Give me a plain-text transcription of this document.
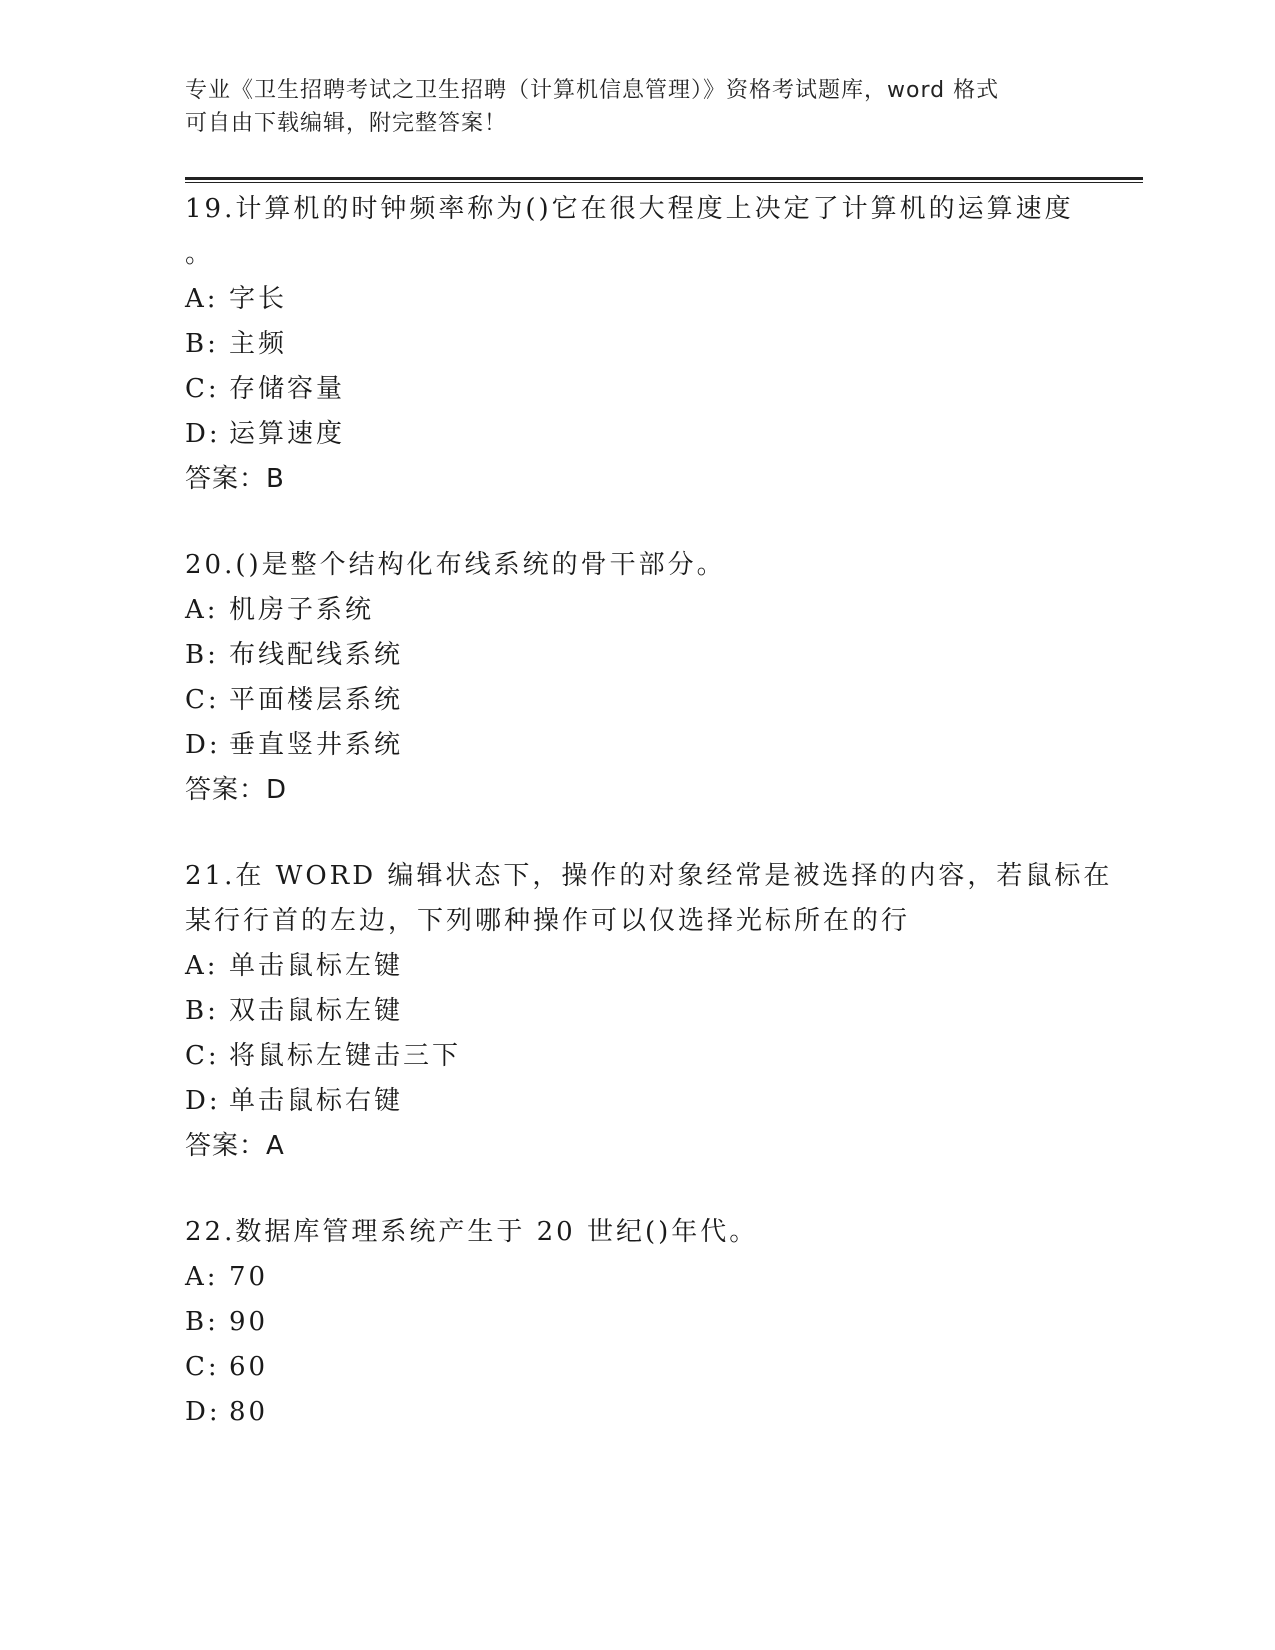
专业《卫生招聘考试之卫生招聘（计算机信息管理）》资格考试题库，word 格式
可自由下载编辑，附完整答案！
19.计算机的时钟频率称为()它在很大程度上决定了计算机的运算速度
。
A: 字长
B: 主频
C: 存储容量
D: 运算速度
答案：B
20.()是整个结构化布线系统的骨干部分。
A: 机房子系统
B: 布线配线系统
C: 平面楼层系统
D: 垂直竖井系统
答案：D
21.在 WORD 编辑状态下，操作的对象经常是被选择的内容，若鼠标在
某行行首的左边，下列哪种操作可以仅选择光标所在的行
A: 单击鼠标左键
B: 双击鼠标左键
C: 将鼠标左键击三下
D: 单击鼠标右键
答案：A
22.数据库管理系统产生于 20 世纪()年代。
A: 70
B: 90
C: 60
D: 80
